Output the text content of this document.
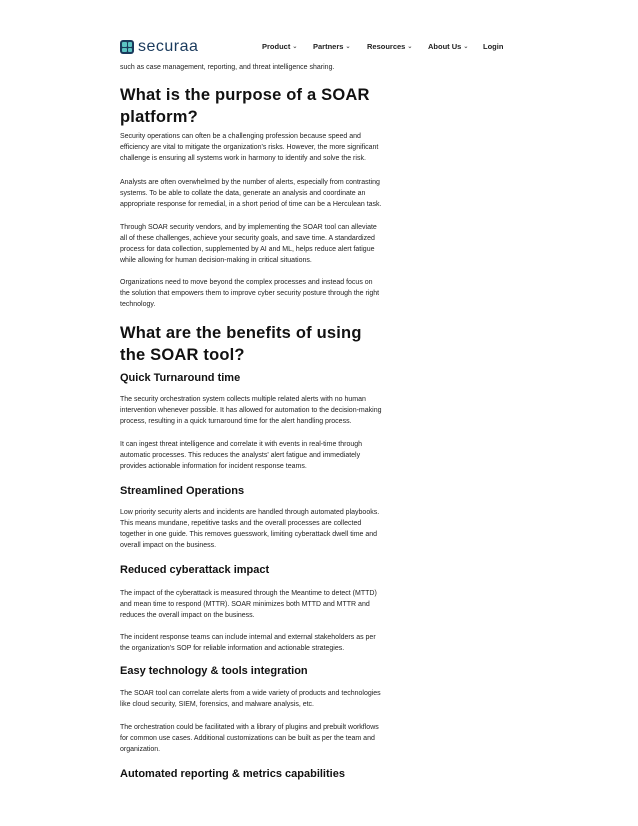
securaa	Product ⌄ Partners ⌄ Resources ⌄ About Us ⌄ Login

such as case management, reporting, and threat intelligence sharing.

What is the purpose of a SOAR platform?

Security operations can often be a challenging profession because speed and efficiency are vital to mitigate the organization's risks. However, the more significant challenge is ensuring all systems work in harmony to identify and solve the risk.

Analysts are often overwhelmed by the number of alerts, especially from contrasting systems. To be able to collate the data, generate an analysis and coordinate an appropriate response for remedial, in a short period of time can be a Herculean task.

Through SOAR security vendors, and by implementing the SOAR tool can alleviate all of these challenges, achieve your security goals, and save time. A standardized process for data collection, supplemented by AI and ML, helps reduce alert fatigue while allowing for human decision-making in critical situations.

Organizations need to move beyond the complex processes and instead focus on the solution that empowers them to improve cyber security posture through the right technology.

What are the benefits of using the SOAR tool?
Quick Turnaround time

The security orchestration system collects multiple related alerts with no human intervention whenever possible. It has allowed for automation to the decision-making process, resulting in a quick turnaround time for the alert handling process.

It can ingest threat intelligence and correlate it with events in real-time through automatic processes. This reduces the analysts' alert fatigue and immediately provides actionable information for incident response teams.

Streamlined Operations

Low priority security alerts and incidents are handled through automated playbooks. This means mundane, repetitive tasks and the overall processes are collected together in one guide. This removes guesswork, limiting cyberattack dwell time and overall impact on the business.

Reduced cyberattack impact

The impact of the cyberattack is measured through the Meantime to detect (MTTD) and mean time to respond (MTTR). SOAR minimizes both MTTD and MTTR and reduces the overall impact on the business.

The incident response teams can include internal and external stakeholders as per the organization's SOP for reliable information and actionable strategies.

Easy technology & tools integration

The SOAR tool can correlate alerts from a wide variety of products and technologies like cloud security, SIEM, forensics, and malware analysis, etc.

The orchestration could be facilitated with a library of plugins and prebuilt workflows for common use cases. Additional customizations can be built as per the team and organization.

Automated reporting & metrics capabilities
